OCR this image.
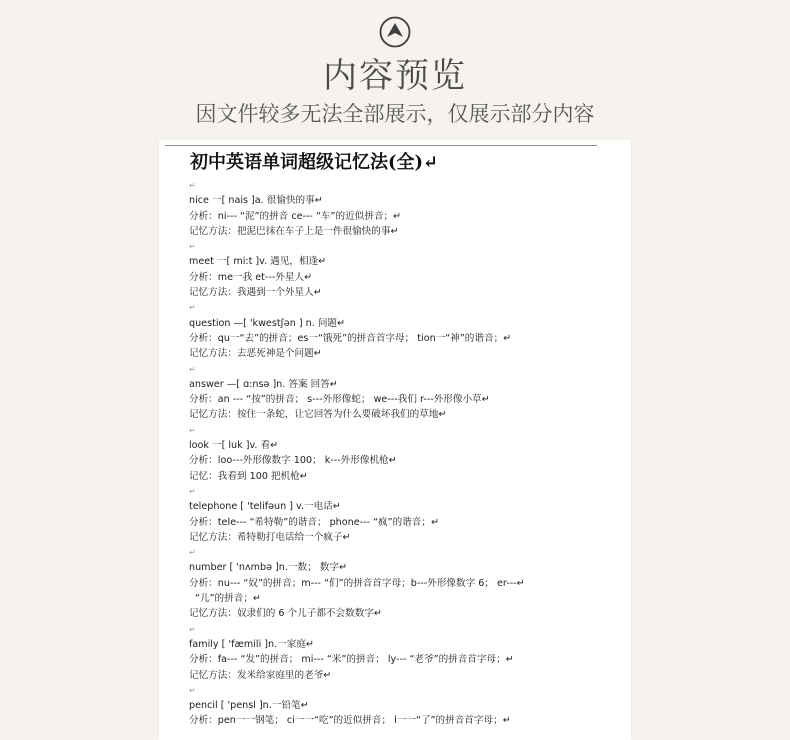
内容预览
因文件较多无法全部展示，仅展示部分内容
初中英语单词超级记忆法(全)↵
↵
nice 一[ nais ]a. 很愉快的事↵
分析：ni--- “泥”的拼音 ce--- “车”的近似拼音；↵
记忆方法：把泥巴抹在车子上是一件很愉快的事↵
↵
meet 一[ mi:t ]v. 遇见，相逢↵
分析：me一我 et---外星人↵
记忆方法：我遇到一个外星人↵
↵
question —[ 'kwestʃən ] n. 问题↵
分析：qu一“去”的拼音；es一“饿死”的拼音首字母； tion一“神”的谐音；↵
记忆方法：去恶死神是个问题↵
↵
answer —[ ɑ:nsə ]n. 答案 回答↵
分析：an --- “按”的拼音； s---外形像蛇； we---我们 r---外形像小草↵
记忆方法：按住一条蛇，让它回答为什么要破坏我们的草地↵
↵
look 一[ luk ]v. 看↵
分析：loo---外形像数字 100； k---外形像机枪↵
记忆：我看到 100 把机枪↵
↵
telephone [ 'telifəun ] v.一电话↵
分析：tele--- “希特勒”的谐音； phone--- “疯”的谐音；↵
记忆方法：希特勒打电话给一个疯子↵
↵
number [ 'nʌmbə ]n.一数； 数字↵
分析：nu--- “奴”的拼音；m--- “们”的拼音首字母；b---外形像数字 6； er---↵
“儿”的拼音；↵
记忆方法：奴隶们的 6 个儿子都不会数数字↵
↵
family [ 'fæmili ]n.一家庭↵
分析：fa--- “发”的拼音； mi--- “米”的拼音； ly--- “老爷”的拼音首字母；↵
记忆方法：发米给家庭里的老爷↵
↵
pencil [ 'pensl ]n.一铅笔↵
分析：pen一一钢笔； ci一一“吃”的近似拼音； l一一“了”的拼音首字母；↵
